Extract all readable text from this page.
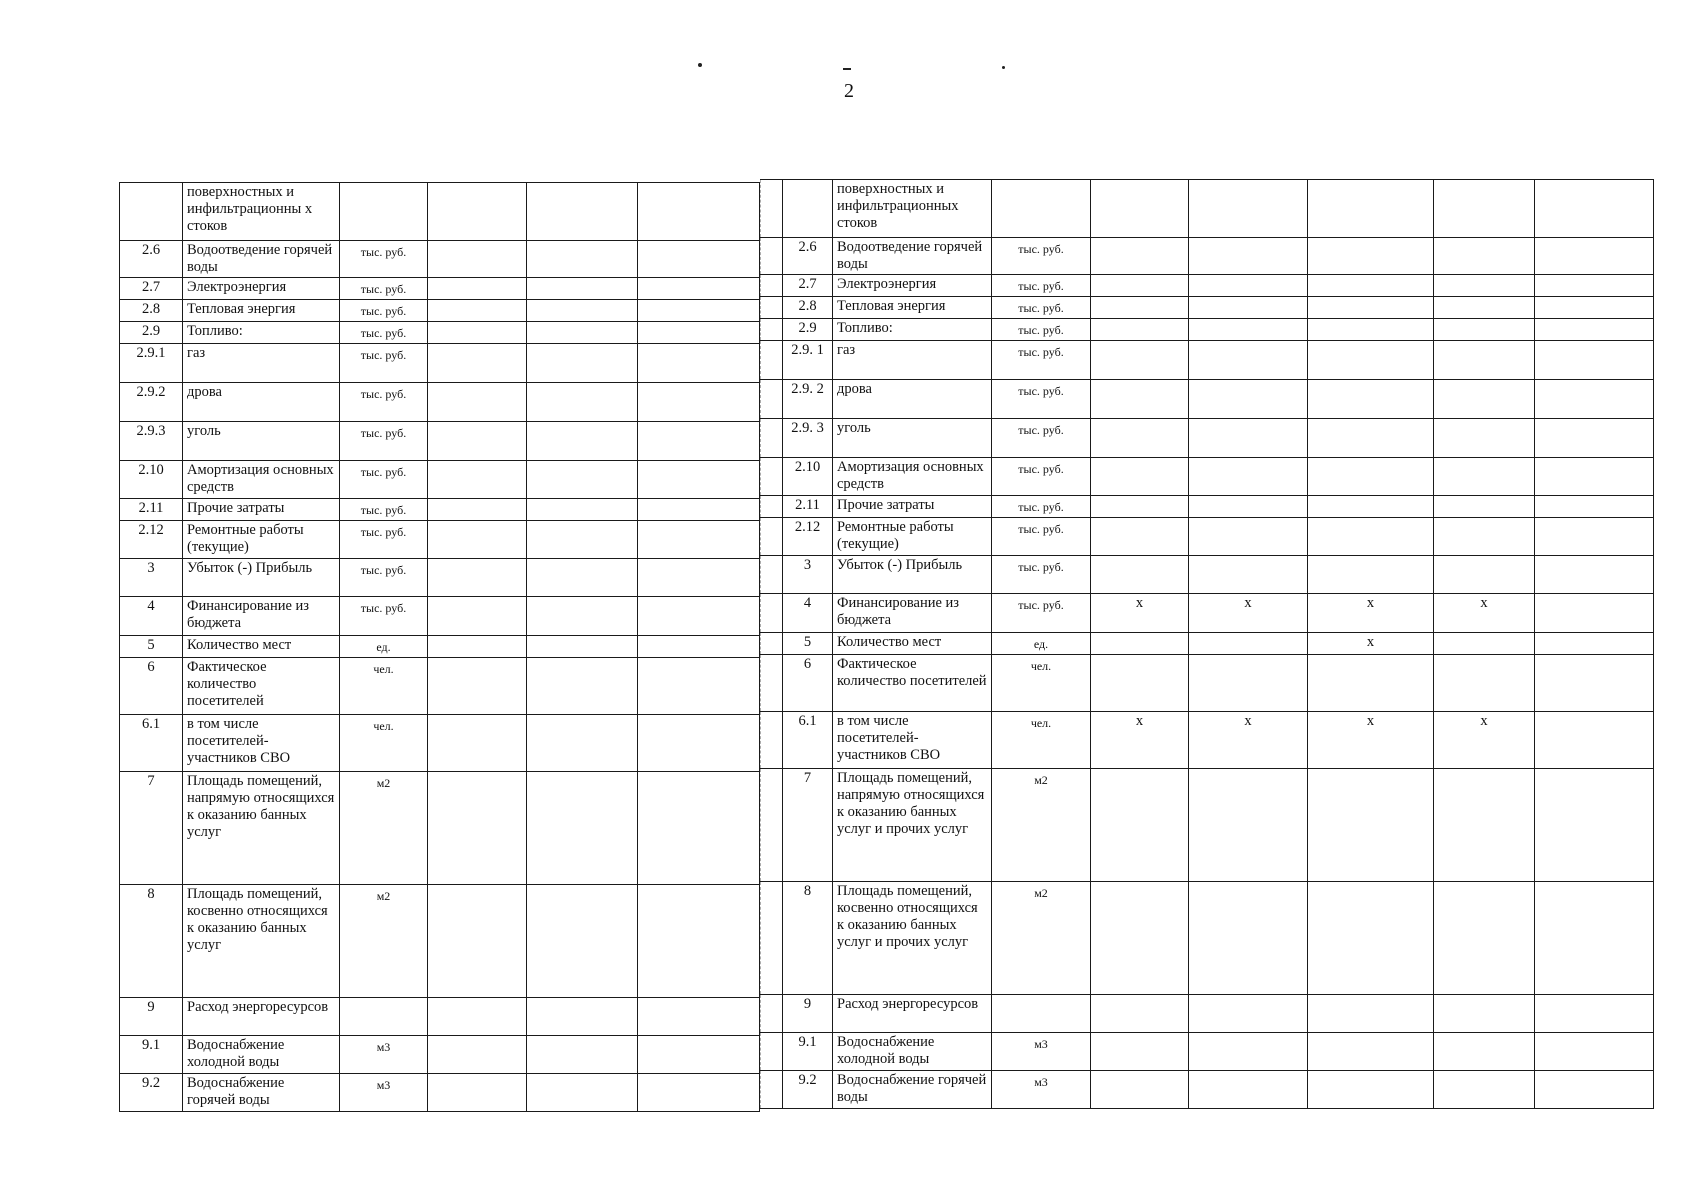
2
	поверхностных и инфильтрационны х стоков				
2.6	Водоотведение горячей воды	тыс. руб.			
2.7	Электроэнергия	тыс. руб.			
2.8	Тепловая энергия	тыс. руб.			
2.9	Топливо:	тыс. руб.			
2.9.1	газ	тыс. руб.			
2.9.2	дрова	тыс. руб.			
2.9.3	уголь	тыс. руб.			
2.10	Амортизация основных средств	тыс. руб.			
2.11	Прочие затраты	тыс. руб.			
2.12	Ремонтные работы (текущие)	тыс. руб.			
3	Убыток (-) Прибыль	тыс. руб.			
4	Финансирование из бюджета	тыс. руб.			
5	Количество мест	ед.			
6	Фактическое количество посетителей	чел.			
6.1	в том числе посетителей-участников СВО	чел.			
7	Площадь помещений, напрямую относящихся к оказанию банных услуг	м2			
8	Площадь помещений, косвенно относящихся к оказанию банных услуг	м2			
9	Расход энергоресурсов				
9.1	Водоснабжение холодной воды	м3			
9.2	Водоснабжение горячей воды	м3			
		поверхностных и инфильтрационных стоков						
	2.6	Водоотведение горячей воды	тыс. руб.					
	2.7	Электроэнергия	тыс. руб.					
	2.8	Тепловая энергия	тыс. руб.					
	2.9	Топливо:	тыс. руб.					
	2.9. 1	газ	тыс. руб.					
	2.9. 2	дрова	тыс. руб.					
	2.9. 3	уголь	тыс. руб.					
	2.10	Амортизация основных средств	тыс. руб.					
	2.11	Прочие затраты	тыс. руб.					
	2.12	Ремонтные работы (текущие)	тыс. руб.					
	3	Убыток (-) Прибыль	тыс. руб.					
	4	Финансирование из бюджета	тыс. руб.	х	х	х	х	
	5	Количество мест	ед.			х		
	6	Фактическое количество посетителей	чел.					
	6.1	в том числе посетителей-участников СВО	чел.	х	х	х	х	
	7	Площадь помещений, напрямую относящихся к оказанию банных услуг и прочих услуг	м2					
	8	Площадь помещений, косвенно относящихся к оказанию банных услуг и прочих услуг	м2					
	9	Расход энергоресурсов						
	9.1	Водоснабжение холодной воды	м3					
	9.2	Водоснабжение горячей воды	м3					
